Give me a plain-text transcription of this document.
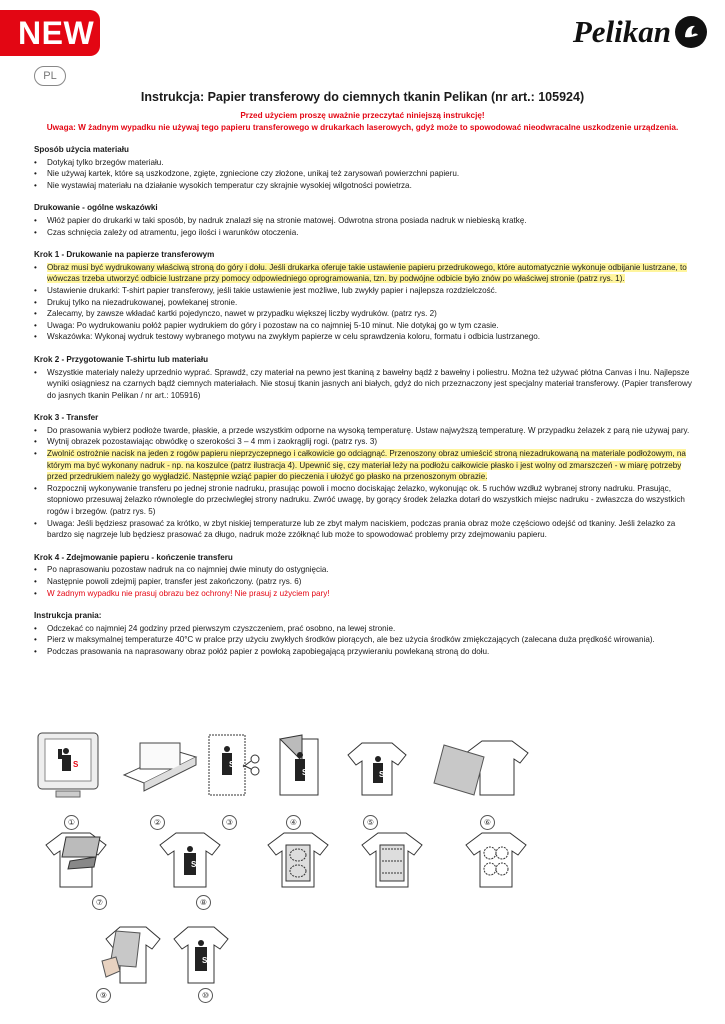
NEW	Pelikan
PL
Instrukcja: Papier transferowy do ciemnych tkanin Pelikan (nr art.: 105924)
Przed użyciem proszę uważnie przeczytać niniejszą instrukcję!
Uwaga: W żadnym wypadku nie używaj tego papieru transferowego w drukarkach laserowych, gdyż może to spowodować nieodwracalne uszkodzenie urządzenia.
Sposób użycia materiału
• Dotykaj tylko brzegów materiału.
• Nie używaj kartek, które są uszkodzone, zgięte, zgniecione czy złożone, unikaj też zarysowań powierzchni papieru.
• Nie wystawiaj materiału na działanie wysokich temperatur czy skrajnie wysokiej wilgotności powietrza.
Drukowanie - ogólne wskazówki
• Włóż papier do drukarki w taki sposób, by nadruk znalazł się na stronie matowej. Odwrotna strona posiada nadruk w niebieską kratkę.
• Czas schnięcia zależy od atramentu, jego ilości i warunków otoczenia.
Krok 1 - Drukowanie na papierze transferowym
• Obraz musi być wydrukowany właściwą stroną do góry i dołu. Jeśli drukarka oferuje takie ustawienie papieru przedrukowego, które automatycznie wykonuje odbijanie lustrzane, to wówczas trzeba utworzyć odbicie lustrzane przy pomocy odpowiedniego oprogramowania, tzn. by podwójne odbicie było znów po właściwej stronie (patrz rys. 1).
• Ustawienie drukarki: T-shirt papier transferowy, jeśli takie ustawienie jest możliwe, lub zwykły papier i najlepsza rozdzielczość.
• Drukuj tylko na niezadrukowanej, powlekanej stronie.
• Zalecamy, by zawsze wkładać kartki pojedynczo, nawet w przypadku większej liczby wydruków. (patrz rys. 2)
• Uwaga: Po wydrukowaniu połóż papier wydrukiem do góry i pozostaw na co najmniej 5-10 minut. Nie dotykaj go w tym czasie.
• Wskazówka: Wykonaj wydruk testowy wybranego motywu na zwykłym papierze w celu sprawdzenia koloru, formatu i odbicia lustrzanego.
Krok 2 - Przygotowanie T-shirtu lub materiału
• Wszystkie materiały należy uprzednio wyprać. Sprawdź, czy materiał na pewno jest tkaniną z bawełny bądź z bawełny i poliestru. Można też używać płótna Canvas i lnu. Najlepsze wyniki osiągniesz na czarnych bądź ciemnych materiałach. Nie stosuj tkanin jasnych ani białych, gdyż do nich przeznaczony jest specjalny materiał transferowy. (Papier transferowy do jasnych tkanin Pelikan / nr art.: 105916)
Krok 3 - Transfer
• Do prasowania wybierz podłoże twarde, płaskie, a przede wszystkim odporne na wysoką temperaturę. Ustaw najwyższą temperaturę. W przypadku żelazek z parą nie używaj pary.
• Wytnij obrazek pozostawiając obwódkę o szerokości 3 – 4 mm i zaokrąglij rogi. (patrz rys. 3)
• Zwolnić ostrożnie nacisk na jeden z rogów papieru nieprzyczepnego i całkowicie go odciągnąć. Przenoszony obraz umieścić stroną niezadrukowaną na materiale podłożowym, na którym ma być wykonany nadruk - np. na koszulce (patrz ilustracja 4). Upewnić się, czy materiał leży na podłożu całkowicie płasko i jest wolny od zmarszczeń - w miarę potrzeby przed przedrukiem należy go wygładzić. Następnie wziąć papier do pieczenia i ułożyć go płasko na przenoszonym obrazie.
• Rozpocznij wykonywanie transferu po jednej stronie nadruku, prasując powoli i mocno dociskając żelazko, wykonując ok. 5 ruchów wzdłuż wybranej strony nadruku. Prasując, stopniowo przesuwaj żelazko równolegle do przeciwległej strony nadruku. Zwróć uwagę, by gorący środek żelazka dotarł do wszystkich miejsc nadruku - zwłaszcza do wszystkich rogów i brzegów. (patrz rys. 5)
• Uwaga: Jeśli będziesz prasować za krótko, w zbyt niskiej temperaturze lub ze zbyt małym naciskiem, podczas prania obraz może częściowo odejść od tkaniny. Jeśli żelazko za bardzo się nagrzeje lub będziesz prasować za długo, nadruk może zzółknąć lub może to spowodować problemy przy zdejmowaniu papieru.
Krok 4 - Zdejmowanie papieru - kończenie transferu
• Po naprasowaniu pozostaw nadruk na co najmniej dwie minuty do ostygnięcia.
• Następnie powoli zdejmij papier, transfer jest zakończony. (patrz rys. 6)
• W żadnym wypadku nie prasuj obrazu bez ochrony! Nie prasuj z użyciem pary!
Instrukcja prania:
• Odczekać co najmniej 24 godziny przed pierwszym czyszczeniem, prać osobno, na lewej stronie.
• Pierz w maksymalnej temperaturze 40°C w pralce przy użyciu zwykłych środków piorących, ale bez użycia środków zmiękczających (zalecana duża prędkość wirowania).
• Podczas prasowania na naprasowany obraz połóż papier z powłoką zapobiegającą przywieraniu powlekaną stroną do dołu.
S	S
S	S
①	②	③	④	⑤	⑥
S
⑦	⑧
S
⑨	⑩
